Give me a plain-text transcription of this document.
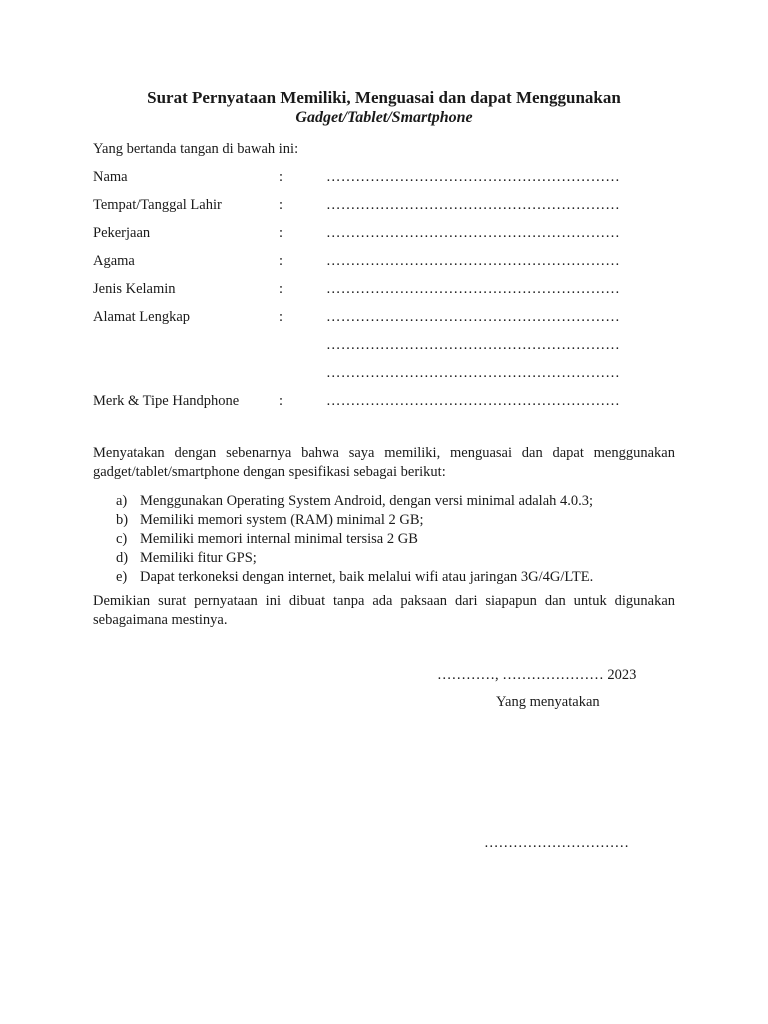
Surat Pernyataan Memiliki, Menguasai dan dapat Menggunakan
Gadget/Tablet/Smartphone
Yang bertanda tangan di bawah ini:
Nama	:	……………………………………………………
Tempat/Tanggal Lahir	:	……………………………………………………
Pekerjaan	:	……………………………………………………
Agama	:	……………………………………………………
Jenis Kelamin	:	……………………………………………………
Alamat Lengkap	:	……………………………………………………
……………………………………………………
……………………………………………………
Merk & Tipe Handphone	:	……………………………………………………
Menyatakan dengan sebenarnya bahwa saya memiliki, menguasai dan dapat menggunakan gadget/tablet/smartphone dengan spesifikasi sebagai berikut:
a) Menggunakan Operating System Android, dengan versi minimal adalah 4.0.3;
b) Memiliki memori system (RAM) minimal 2 GB;
c) Memiliki memori internal minimal tersisa 2 GB
d) Memiliki fitur GPS;
e) Dapat terkoneksi dengan internet, baik melalui wifi atau jaringan 3G/4G/LTE.
Demikian surat pernyataan ini dibuat tanpa ada paksaan dari siapapun dan untuk digunakan sebagaimana mestinya.
…………, ………………… 2023
Yang menyatakan
…………………………
